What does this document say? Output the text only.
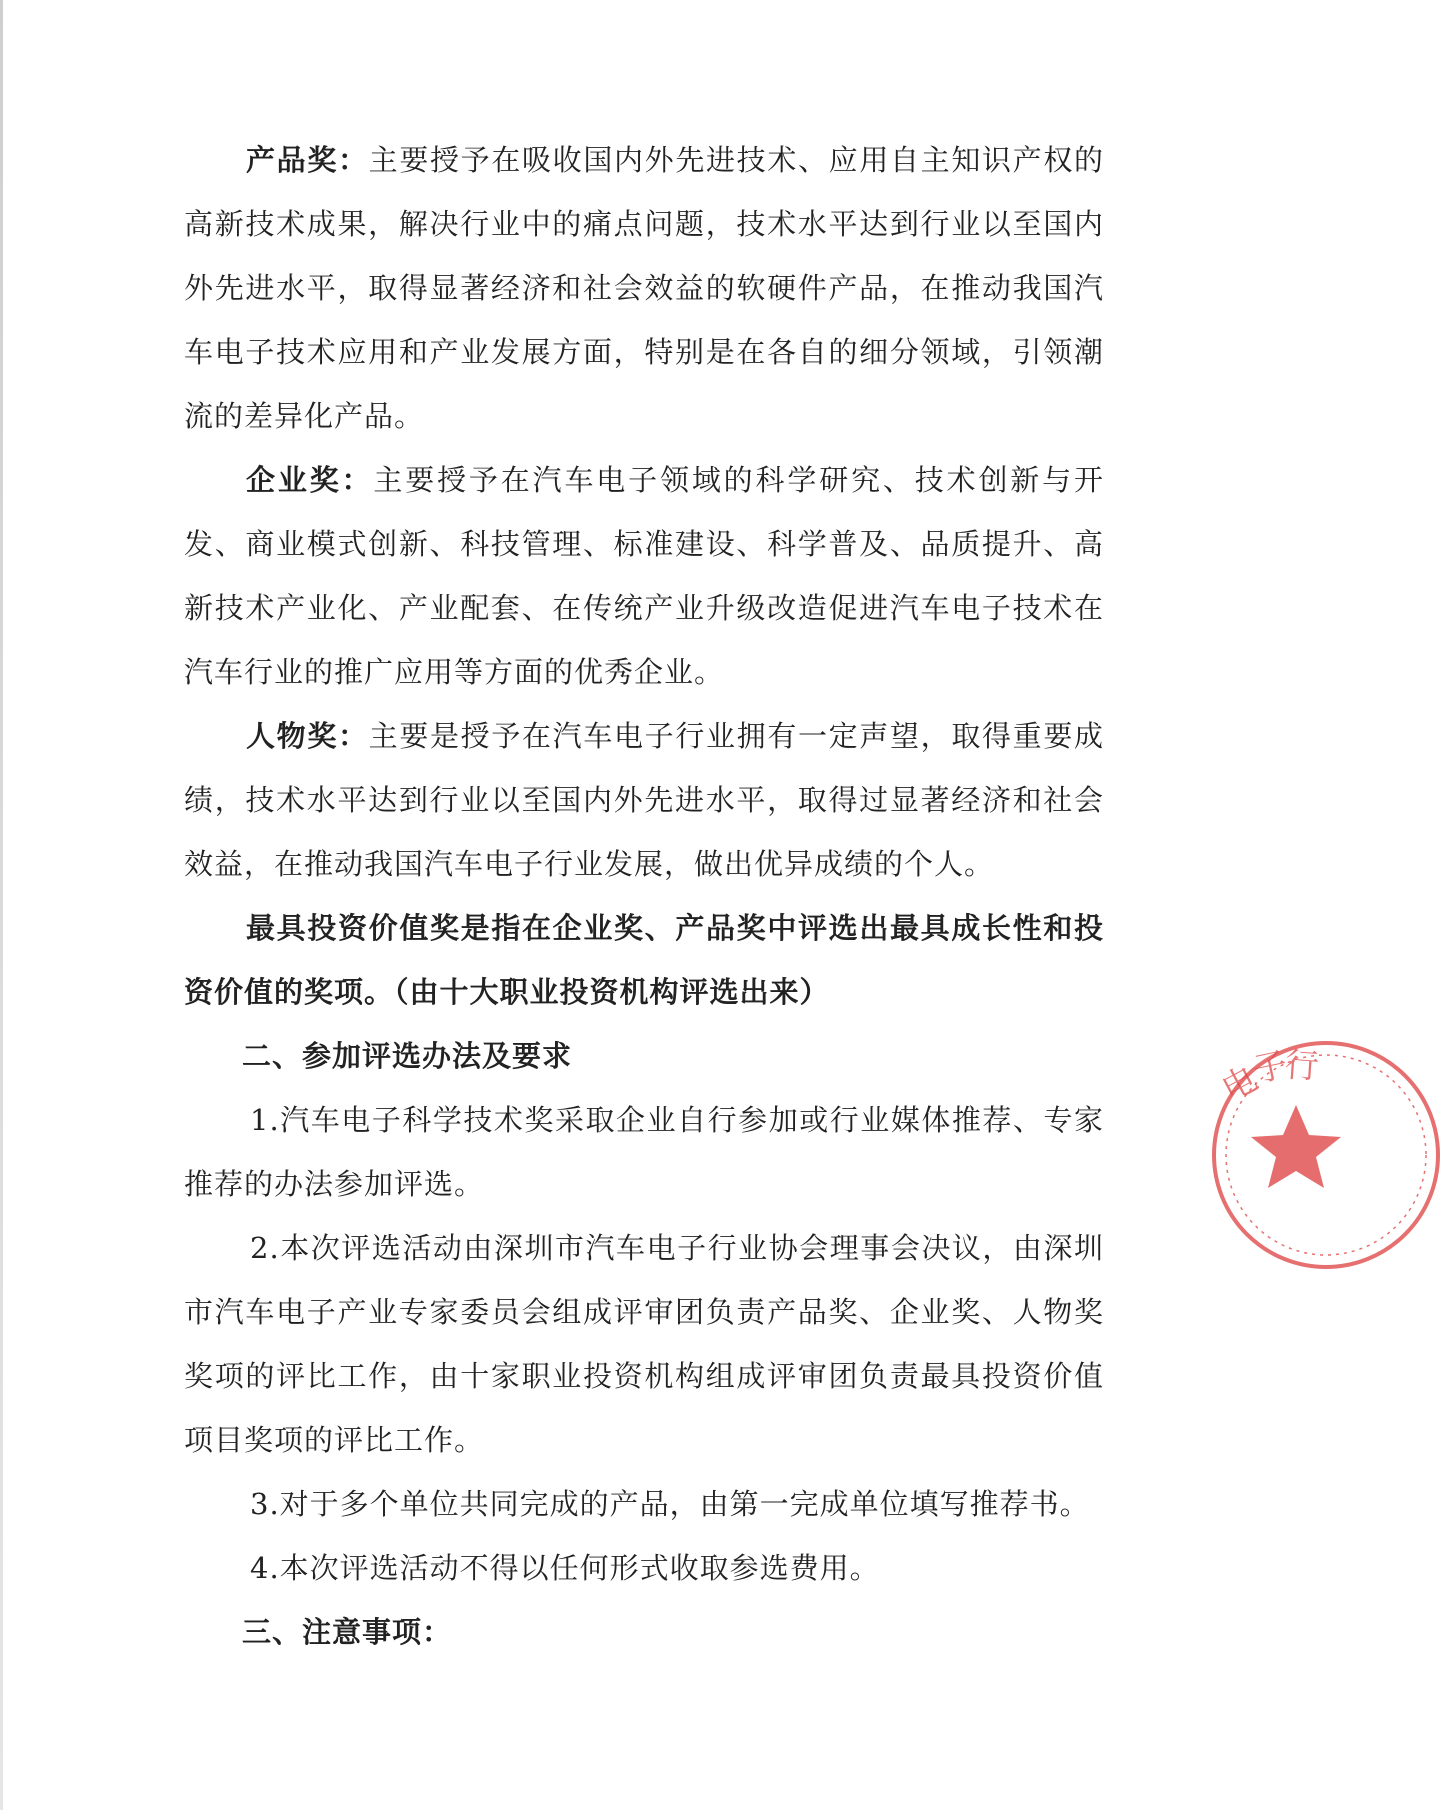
产品奖：主要授予在吸收国内外先进技术、应用自主知识产权的高新技术成果，解决行业中的痛点问题，技术水平达到行业以至国内外先进水平，取得显著经济和社会效益的软硬件产品，在推动我国汽车电子技术应用和产业发展方面，特别是在各自的细分领域，引领潮流的差异化产品。

企业奖：主要授予在汽车电子领域的科学研究、技术创新与开发、商业模式创新、科技管理、标准建设、科学普及、品质提升、高新技术产业化、产业配套、在传统产业升级改造促进汽车电子技术在汽车行业的推广应用等方面的优秀企业。

人物奖：主要是授予在汽车电子行业拥有一定声望，取得重要成绩，技术水平达到行业以至国内外先进水平，取得过显著经济和社会效益，在推动我国汽车电子行业发展，做出优异成绩的个人。

最具投资价值奖是指在企业奖、产品奖中评选出最具成长性和投资价值的奖项。（由十大职业投资机构评选出来）

二、参加评选办法及要求

1.汽车电子科学技术奖采取企业自行参加或行业媒体推荐、专家推荐的办法参加评选。

2.本次评选活动由深圳市汽车电子行业协会理事会决议，由深圳市汽车电子产业专家委员会组成评审团负责产品奖、企业奖、人物奖奖项的评比工作，由十家职业投资机构组成评审团负责最具投资价值项目奖项的评比工作。

3.对于多个单位共同完成的产品，由第一完成单位填写推荐书。

4.本次评选活动不得以任何形式收取参选费用。

三、注意事项：

电
子
行
